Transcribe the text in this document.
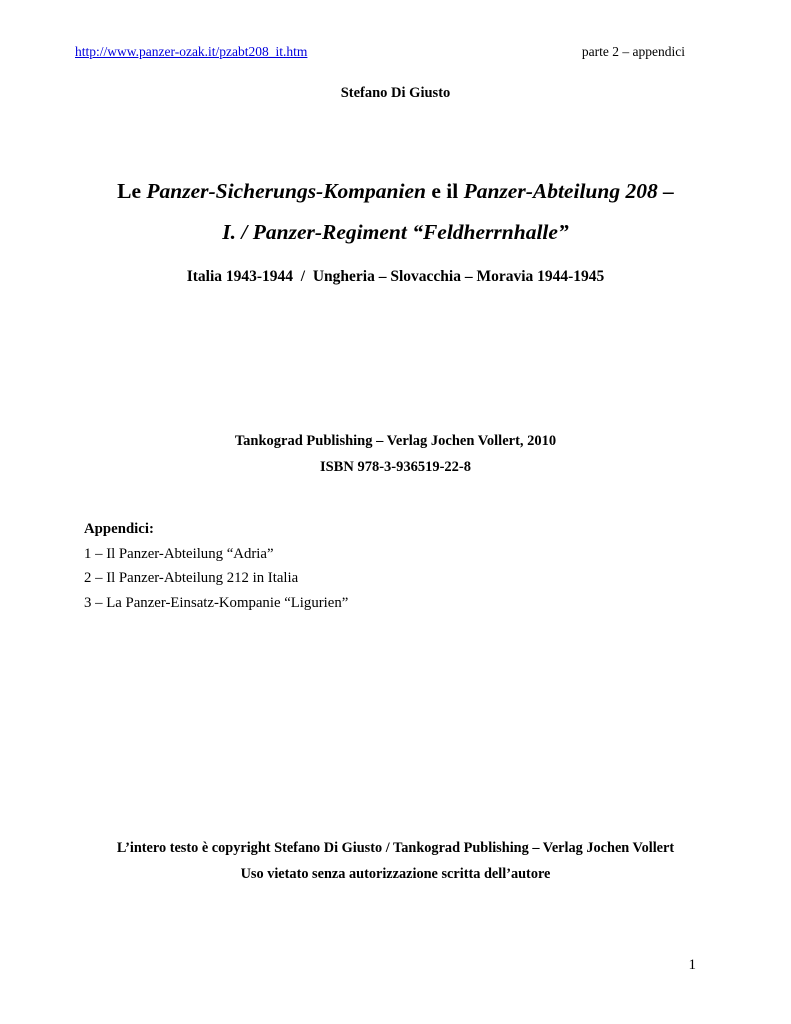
http://www.panzer-ozak.it/pzabt208_it.htm	parte 2 – appendici
Stefano Di Giusto
Le Panzer-Sicherungs-Kompanien e il Panzer-Abteilung 208 –
I. / Panzer-Regiment “Feldherrnhalle”
Italia 1943-1944  /  Ungheria – Slovacchia – Moravia 1944-1945
Tankograd Publishing – Verlag Jochen Vollert, 2010
ISBN 978-3-936519-22-8
Appendici:
1 – Il Panzer-Abteilung “Adria”
2 – Il Panzer-Abteilung 212 in Italia
3 – La Panzer-Einsatz-Kompanie “Ligurien”
L’intero testo è copyright Stefano Di Giusto / Tankograd Publishing – Verlag Jochen Vollert
Uso vietato senza autorizzazione scritta dell’autore
1
